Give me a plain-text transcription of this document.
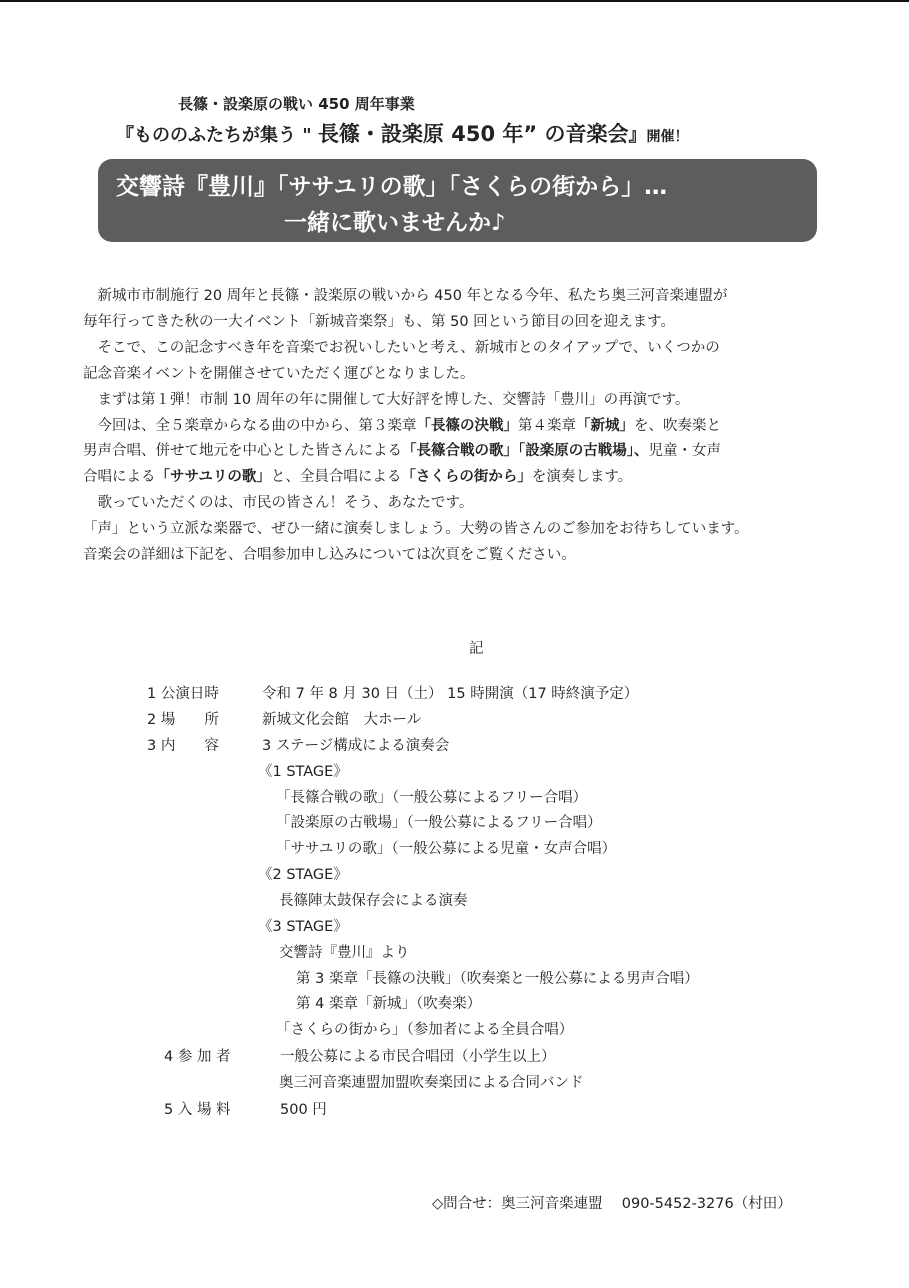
長篠・設楽原の戦い 450 周年事業
『もののふたちが集う " 長篠・設楽原 450 年” の音楽会』開催！
交響詩『豊川』「ササユリの歌」「さくらの街から」…
一緒に歌いませんか♪

　新城市市制施行 20 周年と長篠・設楽原の戦いから 450 年となる今年、私たち奥三河音楽連盟が

毎年行ってきた秋の一大イベント「新城音楽祭」も、第 50 回という節目の回を迎えます。

　そこで、この記念すべき年を音楽でお祝いしたいと考え、新城市とのタイアップで、いくつかの

記念音楽イベントを開催させていただく運びとなりました。

　まずは第１弾！市制 10 周年の年に開催して大好評を博した、交響詩「豊川」の再演です。

　今回は、全５楽章からなる曲の中から、第３楽章「長篠の決戦」第４楽章「新城」を、吹奏楽と

男声合唱、併せて地元を中心とした皆さんによる「長篠合戦の歌」「設楽原の古戦場」、児童・女声

合唱による「ササユリの歌」と、全員合唱による「さくらの街から」を演奏します。

　歌っていただくのは、市民の皆さん！そう、あなたです。

「声」という立派な楽器で、ぜひ一緒に演奏しましょう。大勢の皆さんのご参加をお待ちしています。

音楽会の詳細は下記を、合唱参加申し込みについては次頁をご覧ください。

記
1 公演日時	令和 7 年 8 月 30 日（土） 15 時開演（17 時終演予定）
2 場　　所	新城文化会館　大ホール
3 内　　容	3 ステージ構成による演奏会
《1 STAGE》
「長篠合戦の歌」（一般公募によるフリー合唱）
「設楽原の古戦場」（一般公募によるフリー合唱）
「ササユリの歌」（一般公募による児童・女声合唱）
《2 STAGE》
長篠陣太鼓保存会による演奏
《3 STAGE》
交響詩『豊川』より
第 3 楽章「長篠の決戦」（吹奏楽と一般公募による男声合唱）
第 4 楽章「新城」（吹奏楽）
「さくらの街から」（参加者による全員合唱）
4 参 加 者	一般公募による市民合唱団（小学生以上）
奥三河音楽連盟加盟吹奏楽団による合同バンド
5 入 場 料	500 円
◇問合せ：奥三河音楽連盟　 090-5452-3276（村田）
